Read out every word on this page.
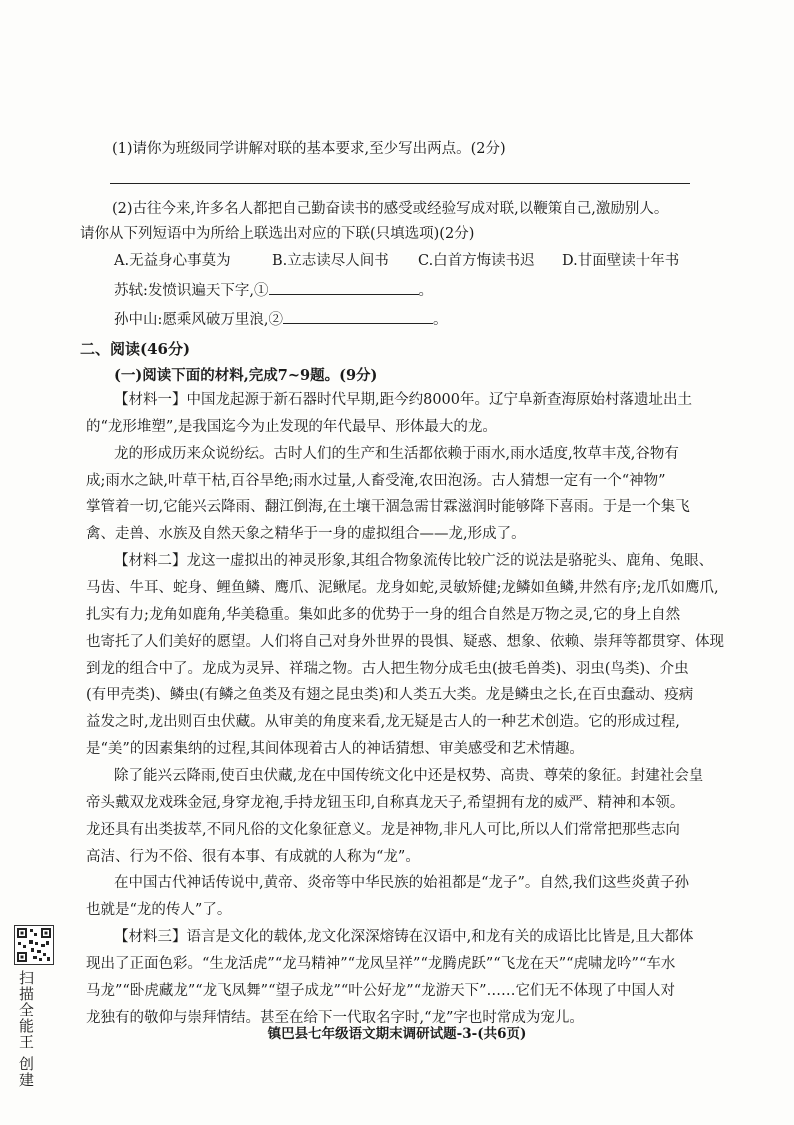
(1)请你为班级同学讲解对联的基本要求,至少写出两点。(2分)
(2)古往今来,许多名人都把自己勤奋读书的感受或经验写成对联,以鞭策自己,激励别人。
请你从下列短语中为所给上联选出对应的下联(只填选项)(2分)
A.无益身心事莫为	B.立志读尽人间书 C.白首方悔读书迟 D.甘面壁读十年书
苏轼:发愤识遍天下字,①	。
孙中山:愿乘风破万里浪,②	。
二、阅读(46分)
(一)阅读下面的材料,完成7~9题。(9分)
【材料一】中国龙起源于新石器时代早期,距今约8000年。辽宁阜新查海原始村落遗址出土
的“龙形堆塑”,是我国迄今为止发现的年代最早、形体最大的龙。
龙的形成历来众说纷纭。古时人们的生产和生活都依赖于雨水,雨水适度,牧草丰茂,谷物有
成;雨水之缺,叶草干枯,百谷旱绝;雨水过量,人畜受淹,农田泡汤。古人猜想一定有一个“神物”
掌管着一切,它能兴云降雨、翻江倒海,在土壤干涸急需甘霖滋润时能够降下喜雨。于是一个集飞
禽、走兽、水族及自然天象之精华于一身的虚拟组合——龙,形成了。
【材料二】龙这一虚拟出的神灵形象,其组合物象流传比较广泛的说法是骆驼头、鹿角、兔眼、
马齿、牛耳、蛇身、鲤鱼鳞、鹰爪、泥鳅尾。龙身如蛇,灵敏矫健;龙鳞如鱼鳞,井然有序;龙爪如鹰爪,
扎实有力;龙角如鹿角,华美稳重。集如此多的优势于一身的组合自然是万物之灵,它的身上自然
也寄托了人们美好的愿望。人们将自己对身外世界的畏惧、疑惑、想象、依赖、崇拜等都贯穿、体现
到龙的组合中了。龙成为灵异、祥瑞之物。古人把生物分成毛虫(披毛兽类)、羽虫(鸟类)、介虫
(有甲壳类)、鳞虫(有鳞之鱼类及有翅之昆虫类)和人类五大类。龙是鳞虫之长,在百虫蠢动、疫病
益发之时,龙出则百虫伏藏。从审美的角度来看,龙无疑是古人的一种艺术创造。它的形成过程,
是“美”的因素集纳的过程,其间体现着古人的神话猜想、审美感受和艺术情趣。
除了能兴云降雨,使百虫伏藏,龙在中国传统文化中还是权势、高贵、尊荣的象征。封建社会皇
帝头戴双龙戏珠金冠,身穿龙袍,手持龙钮玉印,自称真龙天子,希望拥有龙的威严、精神和本领。
龙还具有出类拔萃,不同凡俗的文化象征意义。龙是神物,非凡人可比,所以人们常常把那些志向
高洁、行为不俗、很有本事、有成就的人称为“龙”。
在中国古代神话传说中,黄帝、炎帝等中华民族的始祖都是“龙子”。自然,我们这些炎黄子孙
也就是“龙的传人”了。
【材料三】语言是文化的载体,龙文化深深熔铸在汉语中,和龙有关的成语比比皆是,且大都体
现出了正面色彩。“生龙活虎”“龙马精神”“龙凤呈祥”“龙腾虎跃”“飞龙在天”“虎啸龙吟”“车水
马龙”“卧虎藏龙”“龙飞凤舞”“望子成龙”“叶公好龙”“龙游天下”……它们无不体现了中国人对
龙独有的敬仰与崇拜情结。甚至在给下一代取名字时,“龙”字也时常成为宠儿。
扫描全能王 创建	镇巴县七年级语文期末调研试题-3-(共6页)
